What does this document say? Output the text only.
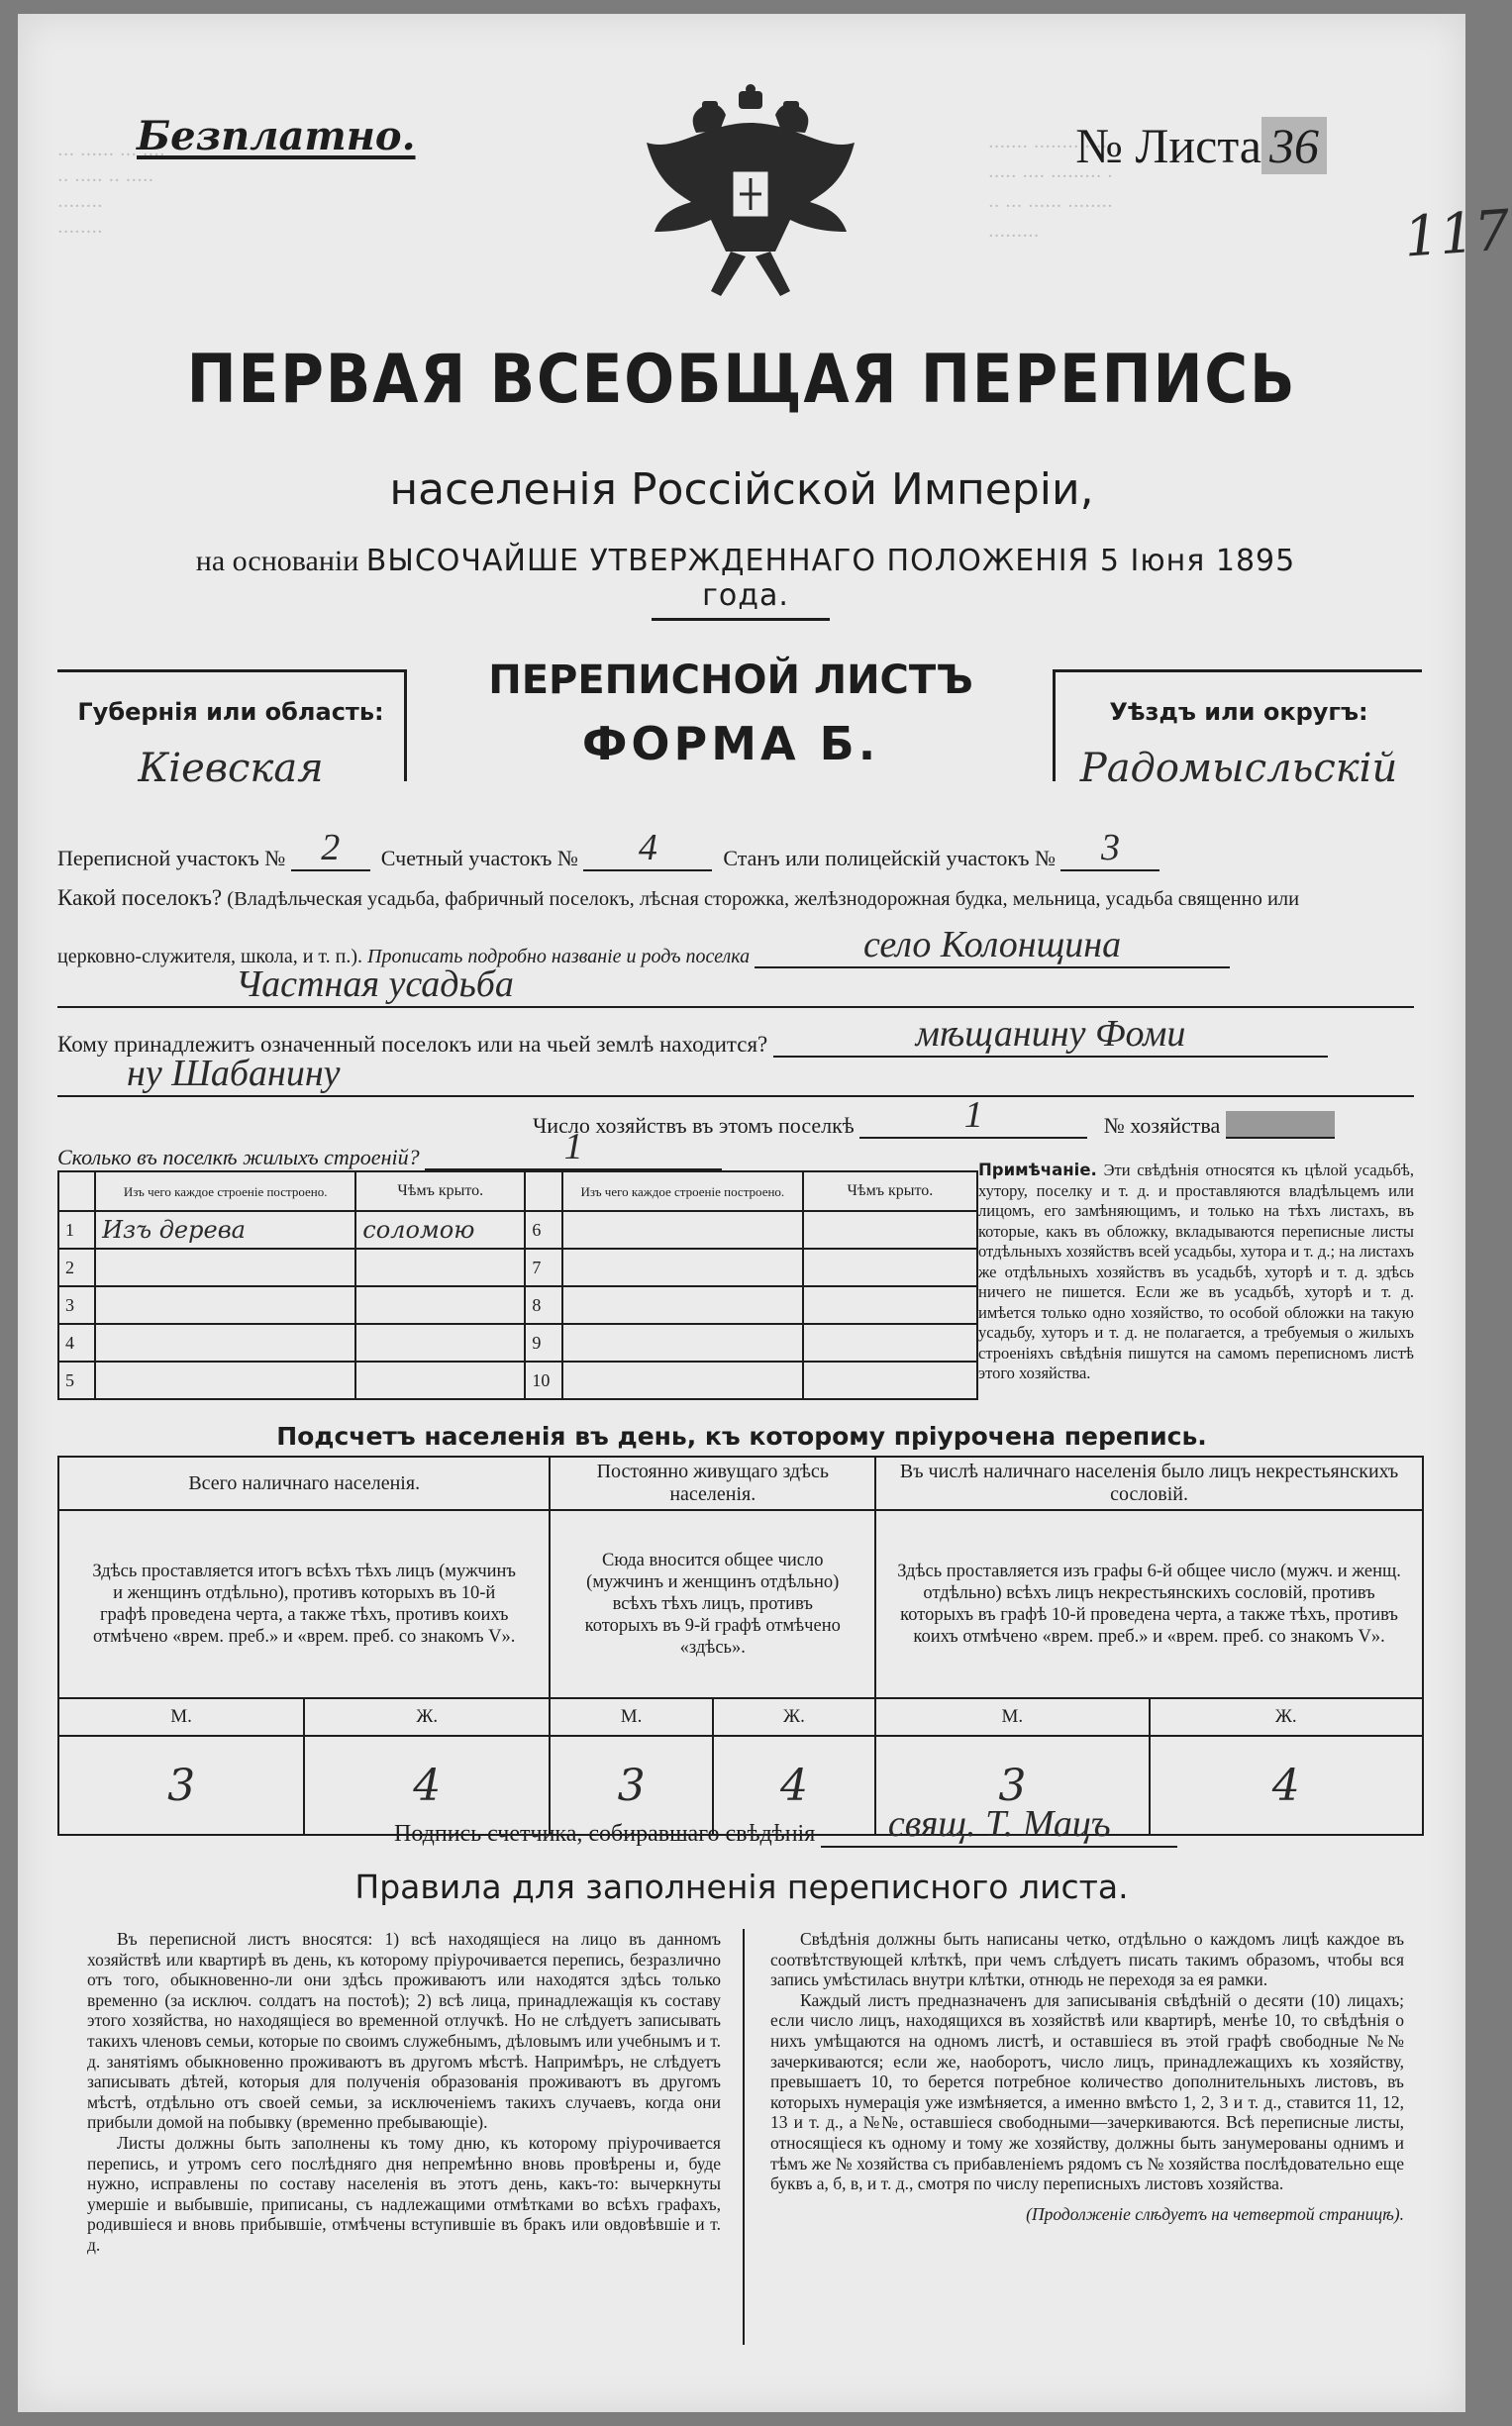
··· ······ ··· ····
·· ····· ·· ·····
········
········
······· ········ ·····
····· ···· ········· ·
·· ··· ······ ········
·········
Безплатно.	№ Листа 36
117
ПЕРВАЯ ВСЕОБЩАЯ ПЕРЕПИСЬ
населенія Россійской Имперіи,
на основаніи ВЫСОЧАЙШЕ УТВЕРЖДЕННАГО ПОЛОЖЕНІЯ 5 Іюня 1895 года.
Губернія или область:
Кіевская
ПЕРЕПИСНОЙ ЛИСТЪ
ФОРМА Б.
Уѣздъ или округъ:
Радомысльскій
Переписной участокъ № 2 Счетный участокъ № 4	Станъ или полицейскій участокъ № 3
Какой поселокъ? (Владѣльческая усадьба, фабричный поселокъ, лѣсная сторожка, желѣзнодорожная будка, мельница, усадьба священно или
церковно-служителя, школа, и т. п.). Прописать подробно названіе и родъ поселка	село Колонщина
Частная усадьба
Кому принадлежитъ означенный поселокъ или на чьей землѣ находится?	мѣщанину Фоми
ну Шабанину
Число хозяйствъ въ этомъ поселкѣ	1	№ хозяйства
Сколько въ поселкѣ жилыхъ строеній?	1
	Изъ чего каждое строеніе построено.	Чѣмъ крыто.		Изъ чего каждое строеніе построено.	Чѣмъ крыто.
1	Изъ дерева	соломою	6		
2			7		
3			8		
4			9		
5			10		
Примѣчаніе. Эти свѣдѣнія относятся къ цѣлой усадьбѣ, хутору, поселку и т. д. и проставляются владѣльцемъ или лицомъ, его замѣняющимъ, и только на тѣхъ листахъ, въ которые, какъ въ обложку, вкладываются переписные листы отдѣльныхъ хозяйствъ всей усадьбы, хутора и т. д.; на листахъ же отдѣльныхъ хозяйствъ въ усадьбѣ, хуторѣ и т. д. здѣсь ничего не пишется. Если же въ усадьбѣ, хуторѣ и т. д. имѣется только одно хозяйство, то особой обложки на такую усадьбу, хуторъ и т. д. не полагается, а требуемыя о жилыхъ строеніяхъ свѣдѣнія пишутся на самомъ переписномъ листѣ этого хозяйства.
Подсчетъ населенія въ день, къ которому пріурочена перепись.
Всего наличнаго населенія.		Постоянно живущаго здѣсь населенія.		Въ числѣ наличнаго населенія было лицъ некрестьянскихъ сословій.	
Здѣсь проставляется итогъ всѣхъ тѣхъ лицъ (мужчинъ и женщинъ отдѣльно), противъ которыхъ въ 10-й графѣ проведена черта, а также тѣхъ, противъ коихъ отмѣчено «врем. преб.» и «врем. преб. со знакомъ V».		Сюда вносится общее число (мужчинъ и женщинъ отдѣльно) всѣхъ тѣхъ лицъ, противъ которыхъ въ 9-й графѣ отмѣчено «здѣсь».		Здѣсь проставляется изъ графы 6-й общее число (мужч. и женщ. отдѣльно) всѣхъ лицъ некрестьянскихъ сословій, противъ которыхъ въ графѣ 10-й проведена черта, а также тѣхъ, противъ коихъ отмѣчено «врем. преб.» и «врем. преб. со знакомъ V».	
М.	Ж.	М.	Ж.	М.	Ж.
3	4	3	4	3	4
Подпись счетчика, собиравшаго свѣдѣнія свящ. Т. Мацъ
Правила для заполненія переписного листа.

Въ переписной листъ вносятся: 1) всѣ находящіеся на лицо въ данномъ хозяйствѣ или квартирѣ въ день, къ которому пріурочивается перепись, безразлично отъ того, обыкновенно-ли они здѣсь проживаютъ или находятся здѣсь только временно (за исключ. солдатъ на постоѣ); 2) всѣ лица, принадлежащія къ составу этого хозяйства, но находящіеся во временной отлучкѣ. Но не слѣдуетъ записывать такихъ членовъ семьи, которые по своимъ служебнымъ, дѣловымъ или учебнымъ и т. д. занятіямъ обыкновенно проживаютъ въ другомъ мѣстѣ. Напримѣръ, не слѣдуетъ записывать дѣтей, которыя для полученія образованія проживаютъ въ другомъ мѣстѣ, отдѣльно отъ своей семьи, за исключеніемъ такихъ случаевъ, когда они прибыли домой на побывку (временно пребывающіе).

Листы должны быть заполнены къ тому дню, къ которому пріурочивается перепись, и утромъ сего послѣдняго дня непремѣнно вновь провѣрены и, буде нужно, исправлены по составу населенія въ этотъ день, какъ-то: вычеркнуты умершіе и выбывшіе, приписаны, съ надлежащими отмѣтками во всѣхъ графахъ, родившіеся и вновь прибывшіе, отмѣчены вступившіе въ бракъ или овдовѣвшіе и т. д.

Свѣдѣнія должны быть написаны четко, отдѣльно о каждомъ лицѣ каждое въ соотвѣтствующей клѣткѣ, при чемъ слѣдуетъ писать такимъ образомъ, чтобы вся запись умѣстилась внутри клѣтки, отнюдь не переходя за ея рамки.

Каждый листъ предназначенъ для записыванія свѣдѣній о десяти (10) лицахъ; если число лицъ, находящихся въ хозяйствѣ или квартирѣ, менѣе 10, то свѣдѣнія о нихъ умѣщаются на одномъ листѣ, и оставшіеся въ этой графѣ свободные №№ зачеркиваются; если же, наоборотъ, число лицъ, принадлежащихъ къ хозяйству, превышаетъ 10, то берется потребное количество дополнительныхъ листовъ, въ которыхъ нумерація уже измѣняется, а именно вмѣсто 1, 2, 3 и т. д., ставится 11, 12, 13 и т. д., а №№, оставшіеся свободными—зачеркиваются. Всѣ переписные листы, относящіеся къ одному и тому же хозяйству, должны быть занумерованы однимъ и тѣмъ же № хозяйства съ прибавленіемъ рядомъ съ № хозяйства послѣдовательно еще буквъ а, б, в, и т. д., смотря по числу переписныхъ листовъ хозяйства.

(Продолженіе слѣдуетъ на четвертой страницѣ).
